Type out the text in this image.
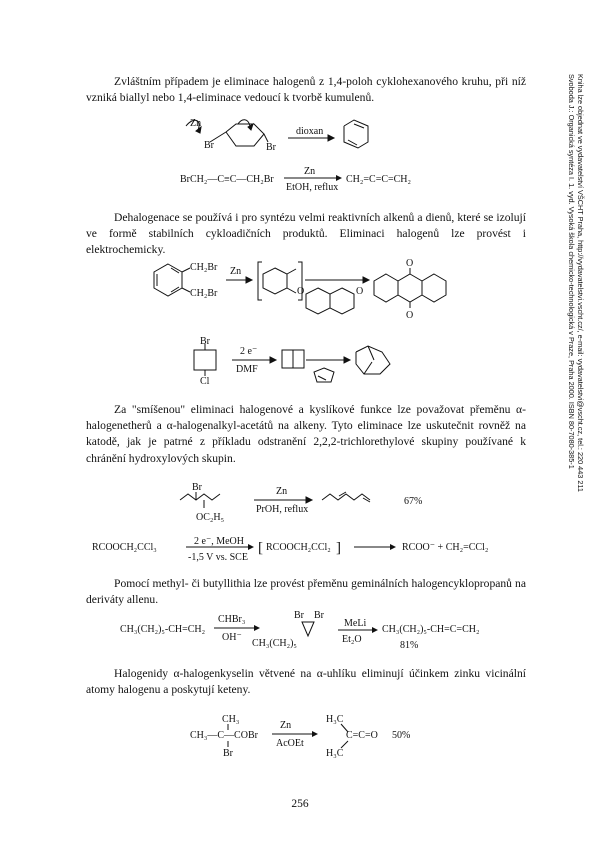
Zvláštním případem je eliminace halogenů z 1,4-poloh cyklohexanového kruhu, při níž vzniká biallyl nebo 1,4-eliminace vedoucí k tvorbě kumulenů.

Zn
Br	Br
dioxan
BrCH₂—C≡C—CH₂Br
Zn
EtOH, reflux
CH₂=C=C=CH₂

Dehalogenace se používá i pro syntézu velmi reaktivních alkenů a dienů, které se izolují ve formě stabilních cykloadičních produktů. Eliminaci halogenů lze provést i elektrochemicky.

CH₂Br
CH₂Br
Zn
O	O
O
O
Br
Cl
2 e⁻
DMF

Za "smíšenou" eliminaci halogenové a kyslíkové funkce lze považovat přeměnu α-halogenetherů a α-halogenalkyl-acetátů na alkeny. Tyto eliminace lze uskutečnit rovněž na katodě, jak je patrné z příkladu odstranění 2,2,2-trichlorethylové skupiny používané k chránění hydroxylových skupin.

Br
OC₂H₅
Zn
PrOH, reflux
67%
RCOOCH₂CCl₃
2 e⁻, MeOH
-1,5 V vs. SCE
[ RCOOCH₂CCl₂ ]	RCOO⁻ + CH₂=CCl₂

Pomocí methyl- či butyllithia lze provést přeměnu geminálních halogencyklopropanů na deriváty allenu.

CH₃(CH₂)₅-CH=CH₂
CHBr₃
OH⁻
Br Br
CH₃(CH₂)₅
MeLi
Et₂O
CH₃(CH₂)₅-CH=C=CH₂
81%

Halogenidy α-halogenkyselin větvené na α-uhlíku eliminují účinkem zinku vicinální atomy halogenu a poskytují keteny.

CH₃
CH₃—C—COBr
Br
Zn
AcOEt
H₃C
C=C=O
H₃C
50%
256
Svoboda J.: Organická syntéza I. 1. vyd. Vysoká škola chemicko-technologická v Praze, Praha 2000. ISBN 80-7080-385-1 Kniha lze objednat ve vydavatelství VŠCHT Praha, http://vydavatelstvi.vscht.cz/, e-mail: vydavatelstvi@vscht.cz, tel.: 220 443 211
